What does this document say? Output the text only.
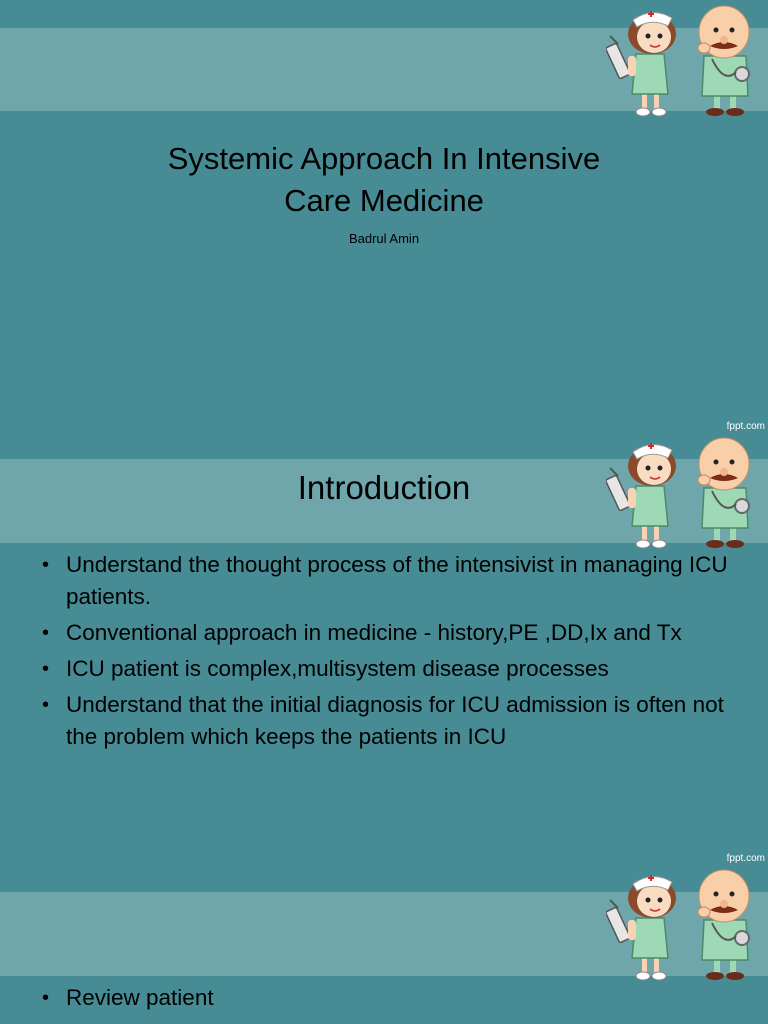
Systemic Approach In Intensive Care Medicine
Badrul Amin
fppt.com
Introduction
• Understand the thought process of the intensivist in managing ICU patients.
• Conventional approach in medicine - history,PE ,DD,Ix and Tx
• ICU patient is complex,multisystem disease processes
• Understand that the initial diagnosis for ICU admission is often not the problem which keeps the patients in ICU
fppt.com
• Review patient
